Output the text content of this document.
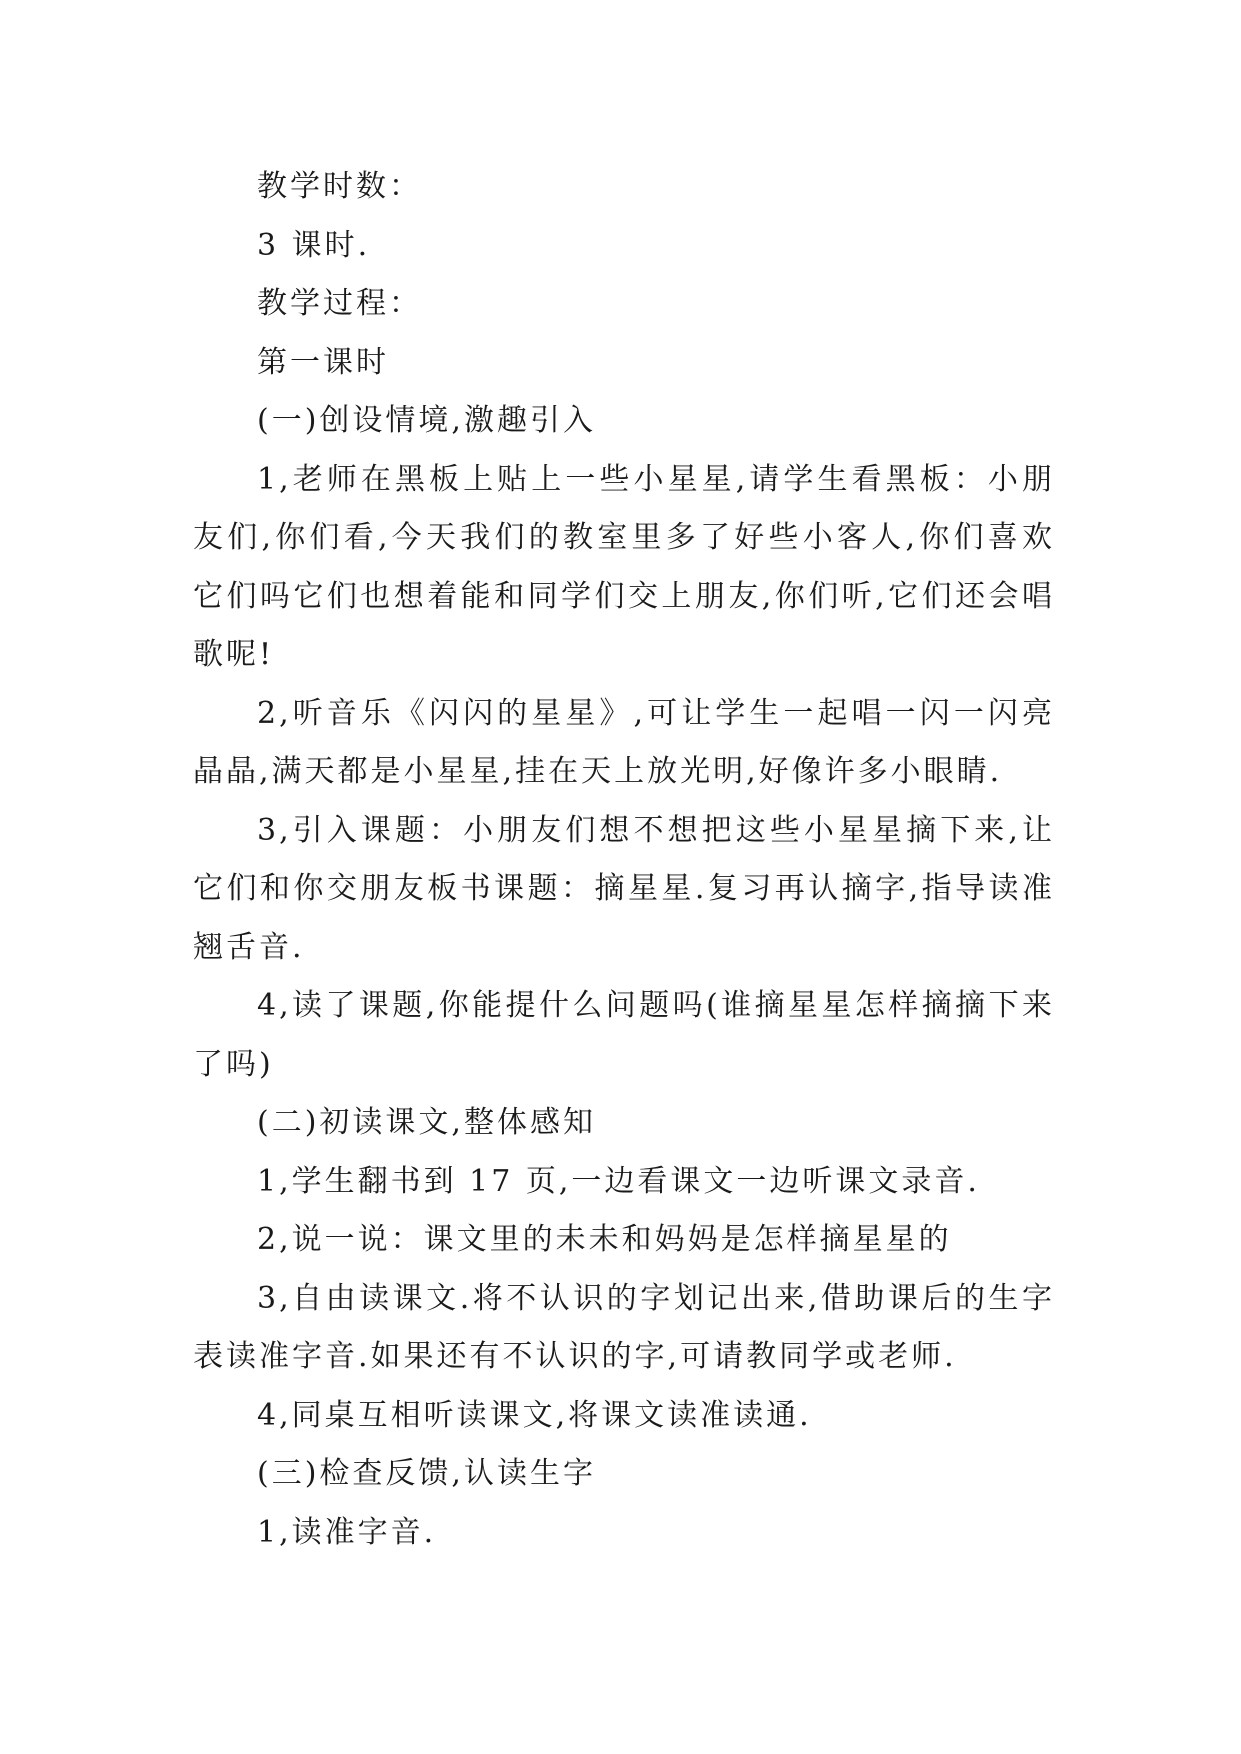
教学时数：

3 课时.

教学过程：

第一课时

(一)创设情境,激趣引入

1,老师在黑板上贴上一些小星星,请学生看黑板：小朋友们,你们看,今天我们的教室里多了好些小客人,你们喜欢它们吗它们也想着能和同学们交上朋友,你们听,它们还会唱歌呢!

2,听音乐《闪闪的星星》,可让学生一起唱一闪一闪亮晶晶,满天都是小星星,挂在天上放光明,好像许多小眼睛.

3,引入课题：小朋友们想不想把这些小星星摘下来,让它们和你交朋友板书课题：摘星星.复习再认摘字,指导读准翘舌音.

4,读了课题,你能提什么问题吗(谁摘星星怎样摘摘下来了吗)

(二)初读课文,整体感知

1,学生翻书到 17 页,一边看课文一边听课文录音.

2,说一说：课文里的未未和妈妈是怎样摘星星的

3,自由读课文.将不认识的字划记出来,借助课后的生字表读准字音.如果还有不认识的字,可请教同学或老师.

4,同桌互相听读课文,将课文读准读通.

(三)检查反馈,认读生字

1,读准字音.
